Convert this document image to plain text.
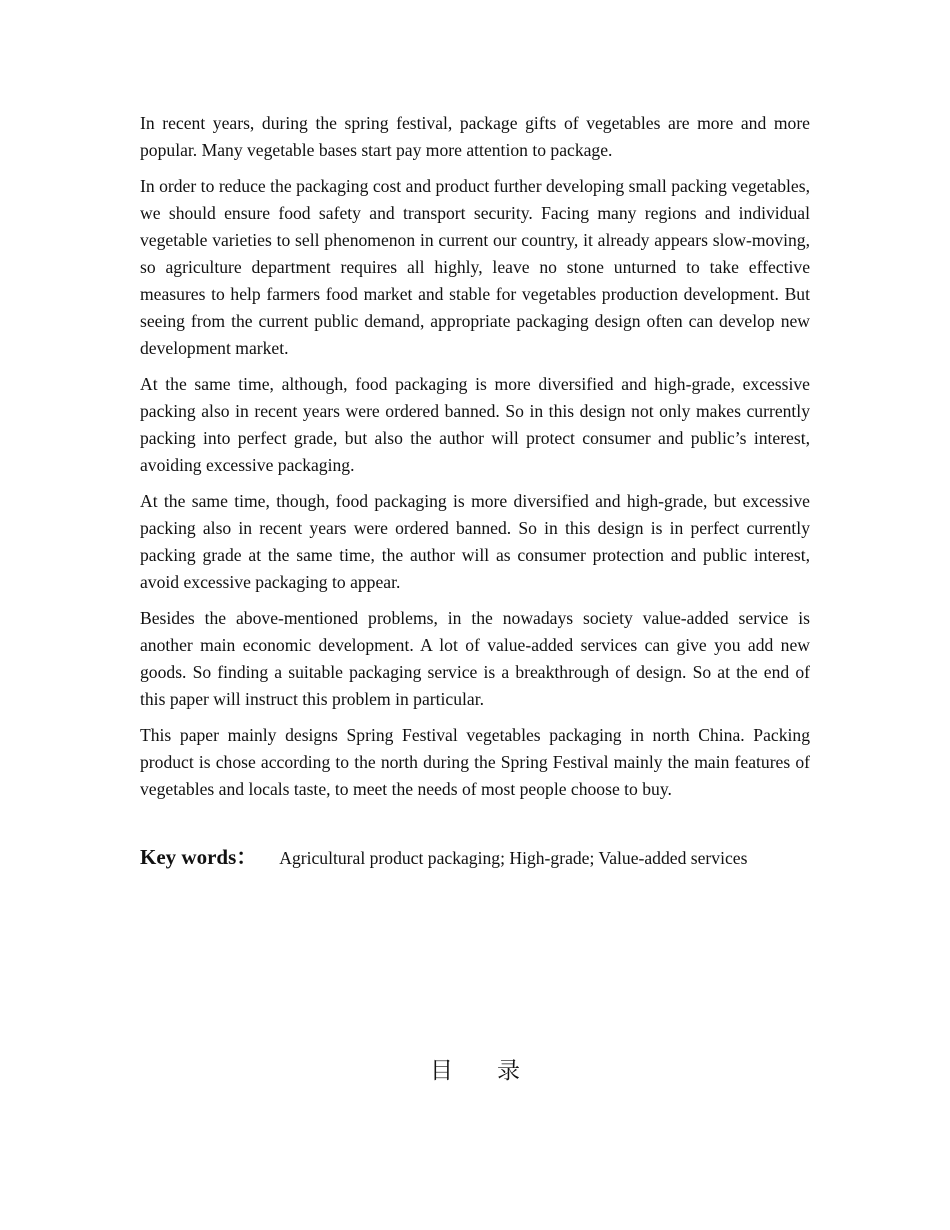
In recent years, during the spring festival, package gifts of vegetables are more and more popular. Many vegetable bases start pay more attention to package.

In order to reduce the packaging cost and product further developing small packing vegetables, we should ensure food safety and transport security. Facing many regions and individual vegetable varieties to sell phenomenon in current our country, it already appears slow-moving, so agriculture department requires all highly, leave no stone unturned to take effective measures to help farmers food market and stable for vegetables production development. But seeing from the current public demand, appropriate packaging design often can develop new development market.

At the same time, although, food packaging is more diversified and high-grade, excessive packing also in recent years were ordered banned. So in this design not only makes currently packing into perfect grade, but also the author will protect consumer and public’s interest, avoiding excessive packaging.

At the same time, though, food packaging is more diversified and high-grade, but excessive packing also in recent years were ordered banned. So in this design is in perfect currently packing grade at the same time, the author will as consumer protection and public interest, avoid excessive packaging to appear.

Besides the above-mentioned problems, in the nowadays society value-added service is another main economic development. A lot of value-added services can give you add new goods. So finding a suitable packaging service is a breakthrough of design. So at the end of this paper will instruct this problem in particular.

This paper mainly designs Spring Festival vegetables packaging in north China. Packing product is chose according to the north during the Spring Festival mainly the main features of vegetables and locals taste, to meet the needs of most people choose to buy.

Key words： Agricultural product packaging; High-grade; Value-added services
目 录
